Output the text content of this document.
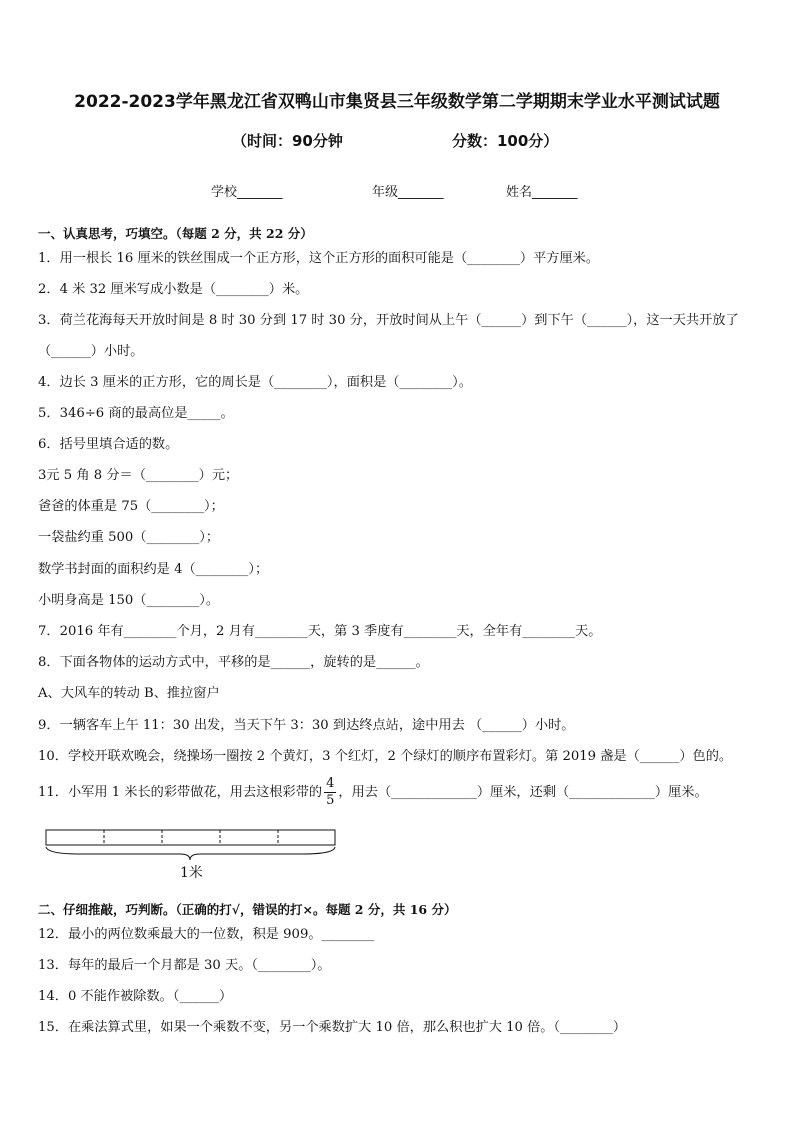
2022-2023学年黑龙江省双鸭山市集贤县三年级数学第二学期期末学业水平测试试题
（时间：90分钟	分数：100分）
学校_______	年级_______	姓名_______
一、认真思考，巧填空。（每题 2 分，共 22 分）
1．用一根长 16 厘米的铁丝围成一个正方形，这个正方形的面积可能是（________）平方厘米。
2．4 米 32 厘米写成小数是（________）米。
3．荷兰花海每天开放时间是 8 时 30 分到 17 时 30 分，开放时间从上午（______）到下午（______），这一天共开放了
（______）小时。
4．边长 3 厘米的正方形，它的周长是（________），面积是（________）。
5．346÷6 商的最高位是_____。
6．括号里填合适的数。
3元 5 角 8 分＝（________）元；
爸爸的体重是 75（________）；
一袋盐约重 500（________）；
数学书封面的面积约是 4（________）；
小明身高是 150（________）。
7．2016 年有________个月，2 月有________天，第 3 季度有________天，全年有________天。
8．下面各物体的运动方式中，平移的是______，旋转的是______。
A、大风车的转动 B、推拉窗户
9．一辆客车上午 11：30 出发，当天下午 3：30 到达终点站，途中用去 （______）小时。
10．学校开联欢晚会，绕操场一圈按 2 个黄灯，3 个红灯，2 个绿灯的顺序布置彩灯。第 2019 盏是（______）色的。
11．小军用 1 米长的彩带做花，用去这根彩带的 $\frac{4}{5}$ ，用去（_____________）厘米，还剩（_____________）厘米。
1米
二、仔细推敲，巧判断。（正确的打√，错误的打×。每题 2 分，共 16 分）
12．最小的两位数乘最大的一位数，积是 909。________
13．每年的最后一个月都是 30 天。（________）。
14．0 不能作被除数。（______）
15．在乘法算式里，如果一个乘数不变，另一个乘数扩大 10 倍，那么积也扩大 10 倍。（________）
